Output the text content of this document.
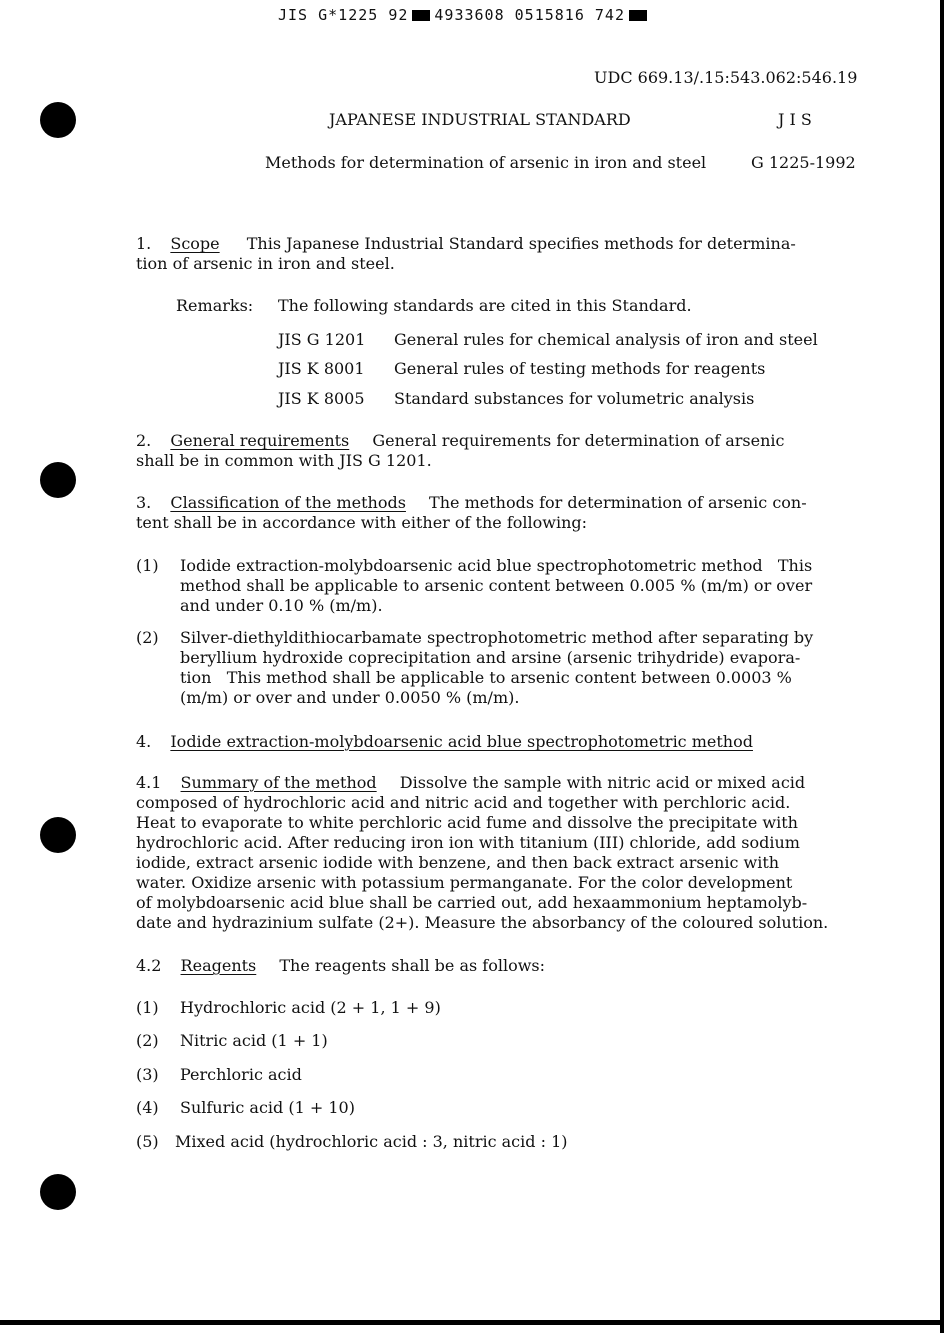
JIS G*1225 92 4933608 0515816 742
UDC 669.13/.15:543.062:546.19
JAPANESE INDUSTRIAL STANDARD	J I S
Methods for determination of arsenic in iron and steel	G 1225-1992
1. Scope This Japanese Industrial Standard specifies methods for determina-
tion of arsenic in iron and steel.
Remarks: The following standards are cited in this Standard.
JIS G 1201 General rules for chemical analysis of iron and steel
JIS K 8001 General rules of testing methods for reagents
JIS K 8005 Standard substances for volumetric analysis
2. General requirements General requirements for determination of arsenic
shall be in common with JIS G 1201.
3. Classification of the methods The methods for determination of arsenic con-
tent shall be in accordance with either of the following:
(1) Iodide extraction-molybdoarsenic acid blue spectrophotometric method   This
method shall be applicable to arsenic content between 0.005 % (m/m) or over
and under 0.10 % (m/m).
(2) Silver-diethyldithiocarbamate spectrophotometric method after separating by
beryllium hydroxide coprecipitation and arsine (arsenic trihydride) evapora-
tion   This method shall be applicable to arsenic content between 0.0003 %
(m/m) or over and under 0.0050 % (m/m).
4. Iodide extraction-molybdoarsenic acid blue spectrophotometric method
4.1 Summary of the method Dissolve the sample with nitric acid or mixed acid
composed of hydrochloric acid and nitric acid and together with perchloric acid.
Heat to evaporate to white perchloric acid fume and dissolve the precipitate with
hydrochloric acid. After reducing iron ion with titanium (III) chloride, add sodium
iodide, extract arsenic iodide with benzene, and then back extract arsenic with
water. Oxidize arsenic with potassium permanganate. For the color development
of molybdoarsenic acid blue shall be carried out, add hexaammonium heptamolyb-
date and hydrazinium sulfate (2+). Measure the absorbancy of the coloured solution.
4.2 Reagents The reagents shall be as follows:
(1) Hydrochloric acid (2 + 1, 1 + 9)
(2) Nitric acid (1 + 1)
(3) Perchloric acid
(4) Sulfuric acid (1 + 10)
(5) Mixed acid (hydrochloric acid : 3, nitric acid : 1)
